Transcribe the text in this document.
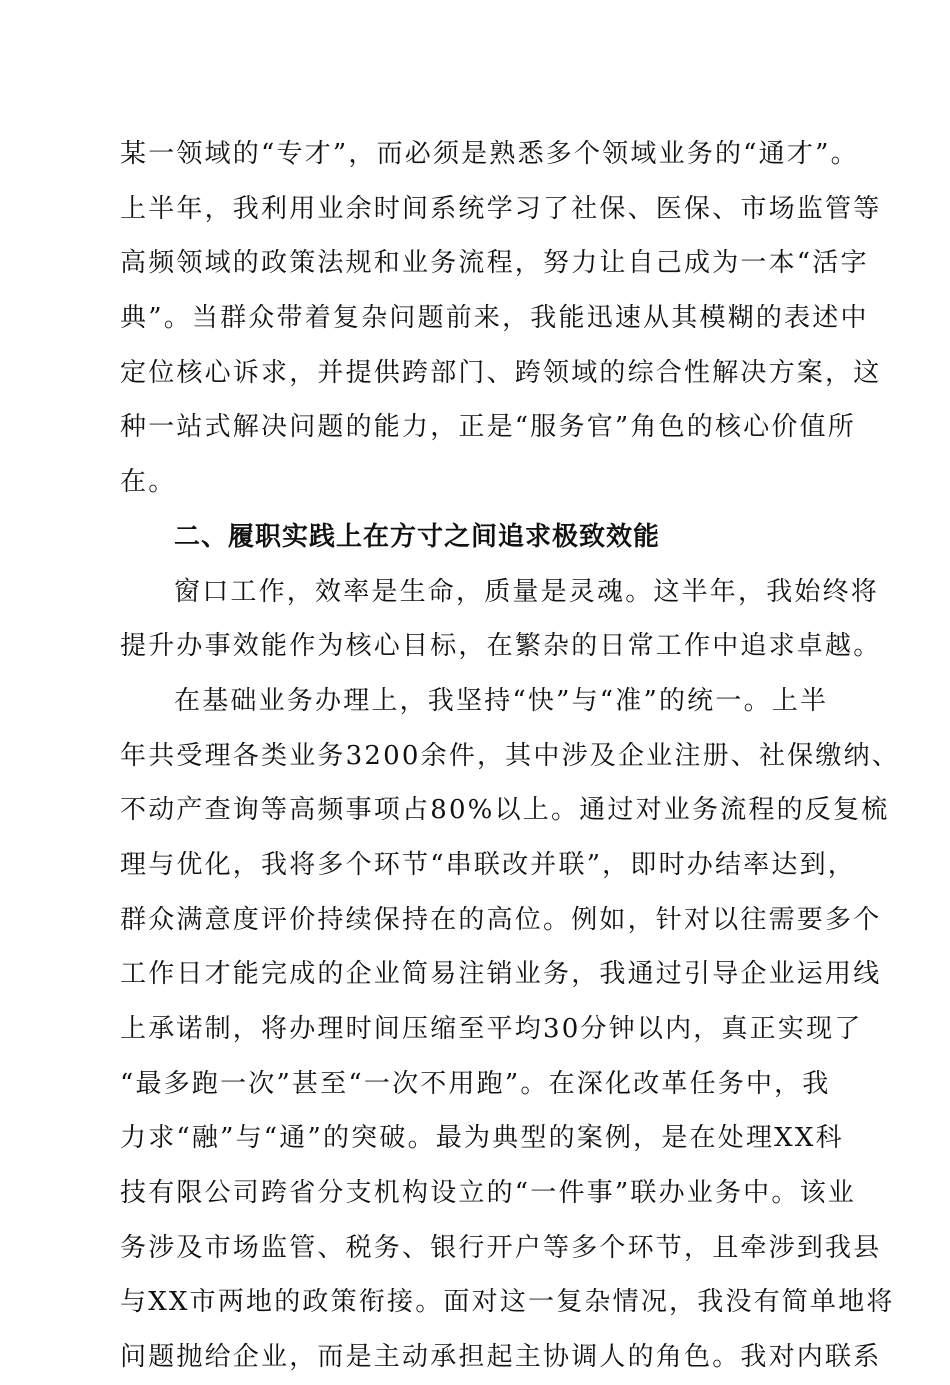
某一领域的“专才”，而必须是熟悉多个领域业务的“通才”。
上半年，我利用业余时间系统学习了社保、医保、市场监管等
高频领域的政策法规和业务流程，努力让自己成为一本“活字
典”。当群众带着复杂问题前来，我能迅速从其模糊的表述中
定位核心诉求，并提供跨部门、跨领域的综合性解决方案，这
种一站式解决问题的能力，正是“服务官”角色的核心价值所
在。
二、履职实践上在方寸之间追求极致效能
窗口工作，效率是生命，质量是灵魂。这半年，我始终将
提升办事效能作为核心目标，在繁杂的日常工作中追求卓越。
在基础业务办理上，我坚持“快”与“准”的统一。上半
年共受理各类业务3200余件，其中涉及企业注册、社保缴纳、
不动产查询等高频事项占80%以上。通过对业务流程的反复梳
理与优化，我将多个环节“串联改并联”，即时办结率达到，
群众满意度评价持续保持在的高位。例如，针对以往需要多个
工作日才能完成的企业简易注销业务，我通过引导企业运用线
上承诺制，将办理时间压缩至平均30分钟以内，真正实现了
“最多跑一次”甚至“一次不用跑”。在深化改革任务中，我
力求“融”与“通”的突破。最为典型的案例，是在处理XX科
技有限公司跨省分支机构设立的“一件事”联办业务中。该业
务涉及市场监管、税务、银行开户等多个环节，且牵涉到我县
与XX市两地的政策衔接。面对这一复杂情况，我没有简单地将
问题抛给企业，而是主动承担起主协调人的角色。我对内联系
